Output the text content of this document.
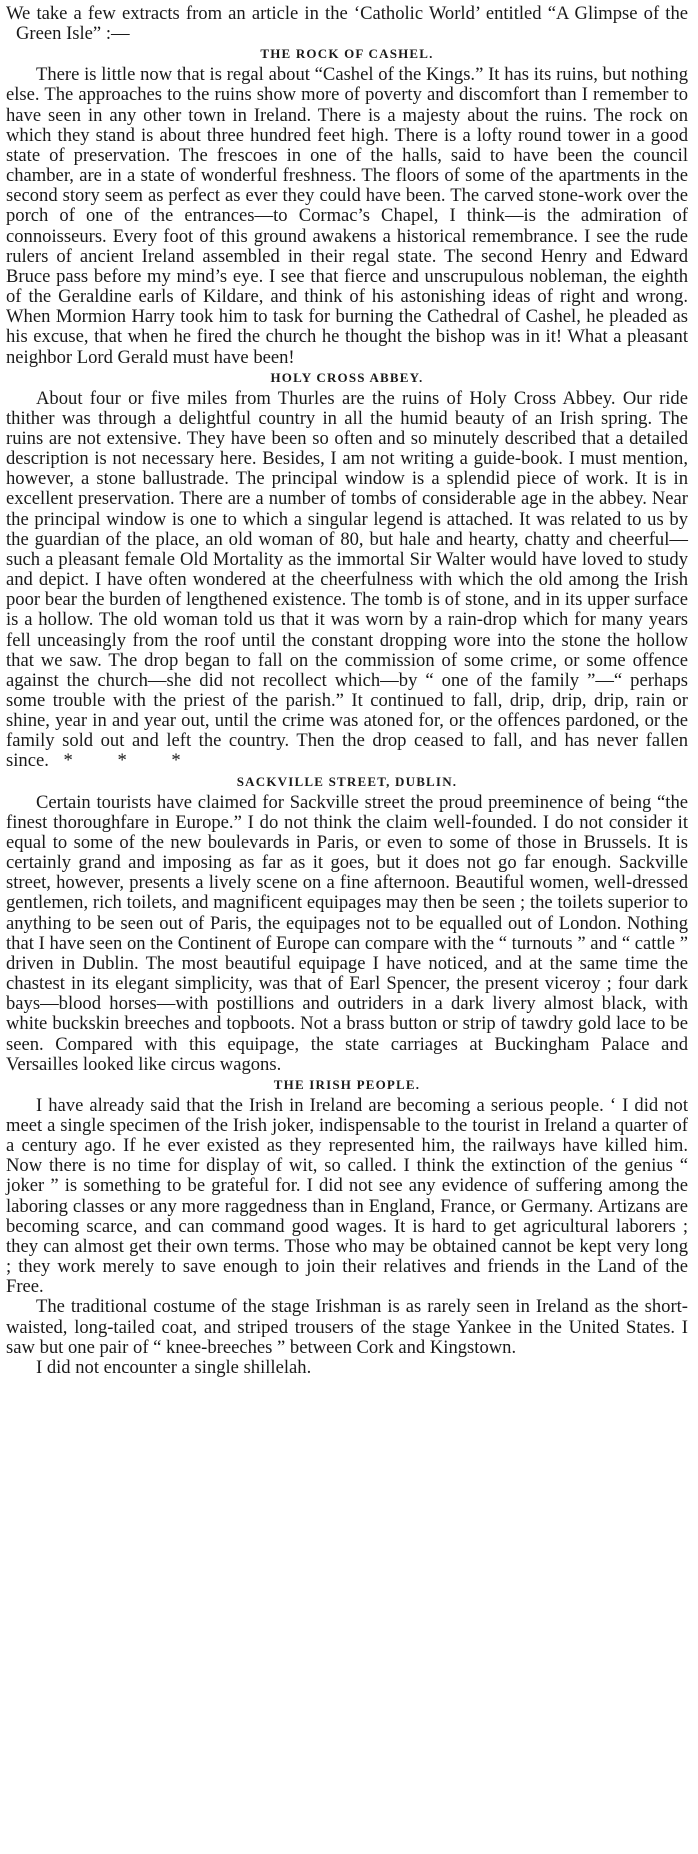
We take a few extracts from an article in the ‘Catholic World’ entitled “A Glimpse of the Green Isle” :—

THE ROCK OF CASHEL.

There is little now that is regal about “Cashel of the Kings.” It has its ruins, but nothing else. The approaches to the ruins show more of poverty and discomfort than I remember to have seen in any other town in Ireland. There is a majesty about the ruins. The rock on which they stand is about three hundred feet high. There is a lofty round tower in a good state of preservation. The frescoes in one of the halls, said to have been the council chamber, are in a state of wonderful freshness. The floors of some of the apartments in the second story seem as perfect as ever they could have been. The carved stone-work over the porch of one of the entrances—to Cormac’s Chapel, I think—is the admiration of connoisseurs. Every foot of this ground awakens a historical remembrance. I see the rude rulers of ancient Ireland assembled in their regal state. The second Henry and Edward Bruce pass before my mind’s eye. I see that fierce and unscrupulous nobleman, the eighth of the Geraldine earls of Kildare, and think of his astonishing ideas of right and wrong. When Mormion Harry took him to task for burning the Cathedral of Cashel, he pleaded as his excuse, that when he fired the church he thought the bishop was in it! What a pleasant neighbor Lord Gerald must have been!

HOLY CROSS ABBEY.

About four or five miles from Thurles are the ruins of Holy Cross Abbey. Our ride thither was through a delightful country in all the humid beauty of an Irish spring. The ruins are not extensive. They have been so often and so minutely described that a detailed description is not necessary here. Besides, I am not writing a guide-book. I must mention, however, a stone ballustrade. The principal window is a splendid piece of work. It is in excellent preservation. There are a number of tombs of considerable age in the abbey. Near the principal window is one to which a singular legend is attached. It was related to us by the guardian of the place, an old woman of 80, but hale and hearty, chatty and cheerful—such a pleasant female Old Mortality as the immortal Sir Walter would have loved to study and depict. I have often wondered at the cheerfulness with which the old among the Irish poor bear the burden of lengthened existence. The tomb is of stone, and in its upper surface is a hollow. The old woman told us that it was worn by a rain-drop which for many years fell unceasingly from the roof until the constant dropping wore into the stone the hollow that we saw. The drop began to fall on the commission of some crime, or some offence against the church—she did not recollect which—by “ one of the family ”—“ perhaps some trouble with the priest of the parish.” It continued to fall, drip, drip, drip, rain or shine, year in and year out, until the crime was atoned for, or the offences pardoned, or the family sold out and left the country. Then the drop ceased to fall, and has never fallen since. * * *

SACKVILLE STREET, DUBLIN.

Certain tourists have claimed for Sackville street the proud preeminence of being “the finest thoroughfare in Europe.” I do not think the claim well-founded. I do not consider it equal to some of the new boulevards in Paris, or even to some of those in Brussels. It is certainly grand and imposing as far as it goes, but it does not go far enough. Sackville street, however, presents a lively scene on a fine afternoon. Beautiful women, well-dressed gentlemen, rich toilets, and magnificent equipages may then be seen ; the toilets superior to anything to be seen out of Paris, the equipages not to be equalled out of London. Nothing that I have seen on the Continent of Europe can compare with the “ turnouts ” and “ cattle ” driven in Dublin. The most beautiful equipage I have noticed, and at the same time the chastest in its elegant simplicity, was that of Earl Spencer, the present viceroy ; four dark bays—blood horses—with postillions and outriders in a dark livery almost black, with white buckskin breeches and topboots. Not a brass button or strip of tawdry gold lace to be seen. Compared with this equipage, the state carriages at Buckingham Palace and Versailles looked like circus wagons.

THE IRISH PEOPLE.

I have already said that the Irish in Ireland are becoming a serious people. ‘ I did not meet a single specimen of the Irish joker, indispensable to the tourist in Ireland a quarter of a century ago. If he ever existed as they represented him, the railways have killed him. Now there is no time for display of wit, so called. I think the extinction of the genius “ joker ” is something to be grateful for. I did not see any evidence of suffering among the laboring classes or any more raggedness than in England, France, or Germany. Artizans are becoming scarce, and can command good wages. It is hard to get agricultural laborers ; they can almost get their own terms. Those who may be obtained cannot be kept very long ; they work merely to save enough to join their relatives and friends in the Land of the Free.

The traditional costume of the stage Irishman is as rarely seen in Ireland as the short-waisted, long-tailed coat, and striped trousers of the stage Yankee in the United States. I saw but one pair of “ knee-breeches ” between Cork and Kingstown.

I did not encounter a single shillelah.
